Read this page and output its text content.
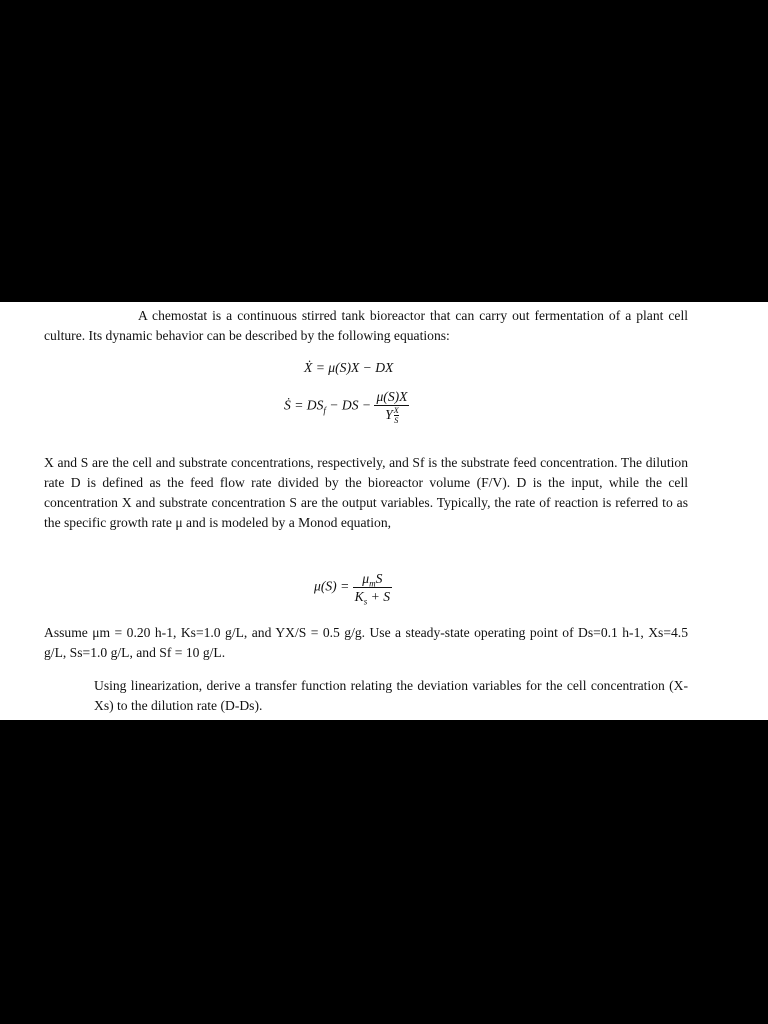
A chemostat is a continuous stirred tank bioreactor that can carry out fermentation of a plant cell culture. Its dynamic behavior can be described by the following equations:
Ẋ = μ(S)X − DX
Ṡ = $DS_f$ − DS − $\frac{\mu(S)X}{Y \frac{X}{S}}$
X and S are the cell and substrate concentrations, respectively, and Sf is the substrate feed concentration. The dilution rate D is defined as the feed flow rate divided by the bioreactor volume (F/V). D is the input, while the cell concentration X and substrate concentration S are the output variables. Typically, the rate of reaction is referred to as the specific growth rate μ and is modeled by a Monod equation,
$\mu(S) = \frac{\mu_mS}{K_s + S}$
Assume μm = 0.20 h-1, Ks=1.0 g/L, and YX/S = 0.5 g/g. Use a steady-state operating point of Ds=0.1 h-1, Xs=4.5 g/L, Ss=1.0 g/L, and Sf = 10 g/L.
Using linearization, derive a transfer function relating the deviation variables for the cell concentration (X-Xs) to the dilution rate (D-Ds).
